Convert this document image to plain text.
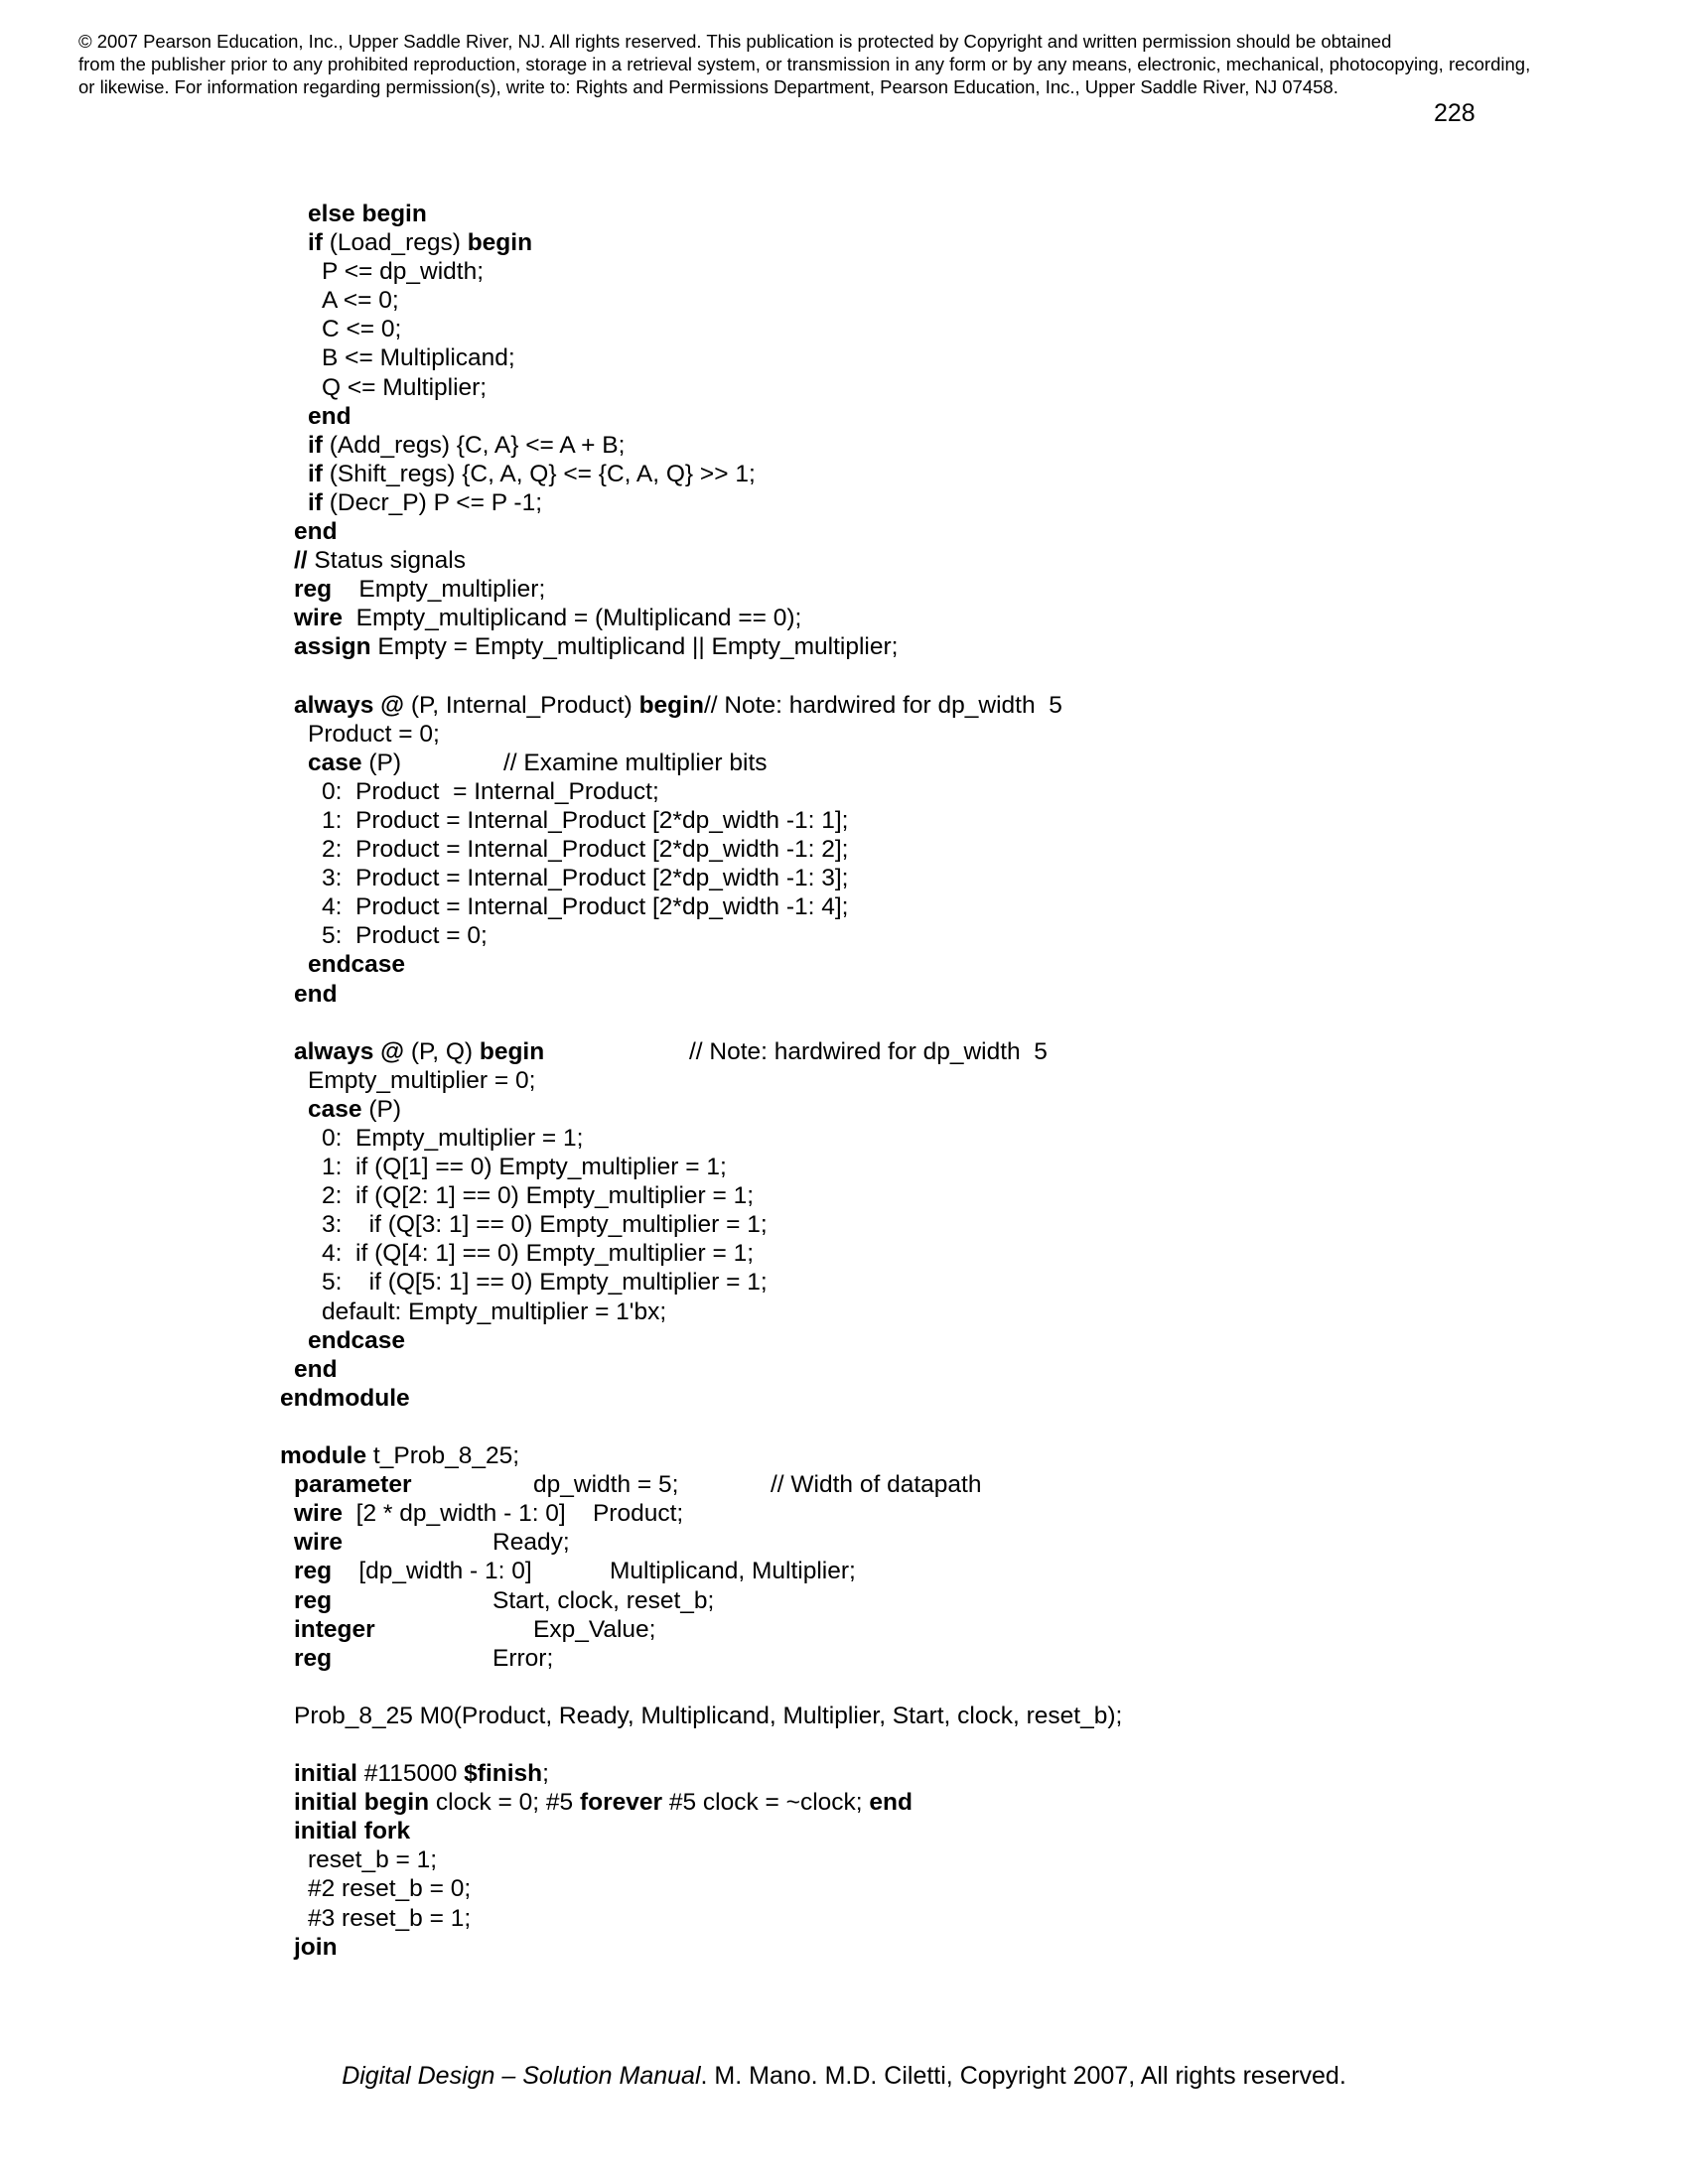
© 2007 Pearson Education, Inc., Upper Saddle River, NJ. All rights reserved. This publication is protected by Copyright and written permission should be obtained
from the publisher prior to any prohibited reproduction, storage in a retrieval system, or transmission in any form or by any means, electronic, mechanical, photocopying, recording,
or likewise. For information regarding permission(s), write to: Rights and Permissions Department, Pearson Education, Inc., Upper Saddle River, NJ 07458.
228
else begin
if (Load_regs) begin
P <= dp_width;
A <= 0;
C <= 0;
B <= Multiplicand;
Q <= Multiplier;
end
if (Add_regs) {C, A} <= A + B;
if (Shift_regs) {C, A, Q} <= {C, A, Q} >> 1;
if (Decr_P) P <= P -1;
end
// Status signals
reg    Empty_multiplier;
wire  Empty_multiplicand = (Multiplicand == 0);
assign Empty = Empty_multiplicand || Empty_multiplier;
always @ (P, Internal_Product) begin// Note: hardwired for dp_width  5
Product = 0;
case (P)	// Examine multiplier bits
0:  Product  = Internal_Product;
1:  Product = Internal_Product [2*dp_width -1: 1];
2:  Product = Internal_Product [2*dp_width -1: 2];
3:  Product = Internal_Product [2*dp_width -1: 3];
4:  Product = Internal_Product [2*dp_width -1: 4];
5:  Product = 0;
endcase
end
always @ (P, Q) begin	// Note: hardwired for dp_width  5
Empty_multiplier = 0;
case (P)
0:  Empty_multiplier = 1;
1:  if (Q[1] == 0) Empty_multiplier = 1;
2:  if (Q[2: 1] == 0) Empty_multiplier = 1;
3:    if (Q[3: 1] == 0) Empty_multiplier = 1;
4:  if (Q[4: 1] == 0) Empty_multiplier = 1;
5:    if (Q[5: 1] == 0) Empty_multiplier = 1;
default: Empty_multiplier = 1'bx;
endcase
end
endmodule
module t_Prob_8_25;
parameter	dp_width = 5;	// Width of datapath
wire  [2 * dp_width - 1: 0]    Product;
wire	Ready;
reg    [dp_width - 1: 0]	Multiplicand, Multiplier;
reg	Start, clock, reset_b;
integer	Exp_Value;
reg	Error;
Prob_8_25 M0(Product, Ready, Multiplicand, Multiplier, Start, clock, reset_b);
initial #115000 $finish;
initial begin clock = 0; #5 forever #5 clock = ~clock; end
initial fork
reset_b = 1;
#2 reset_b = 0;
#3 reset_b = 1;
join
Digital Design – Solution Manual. M. Mano. M.D. Ciletti, Copyright 2007, All rights reserved.
